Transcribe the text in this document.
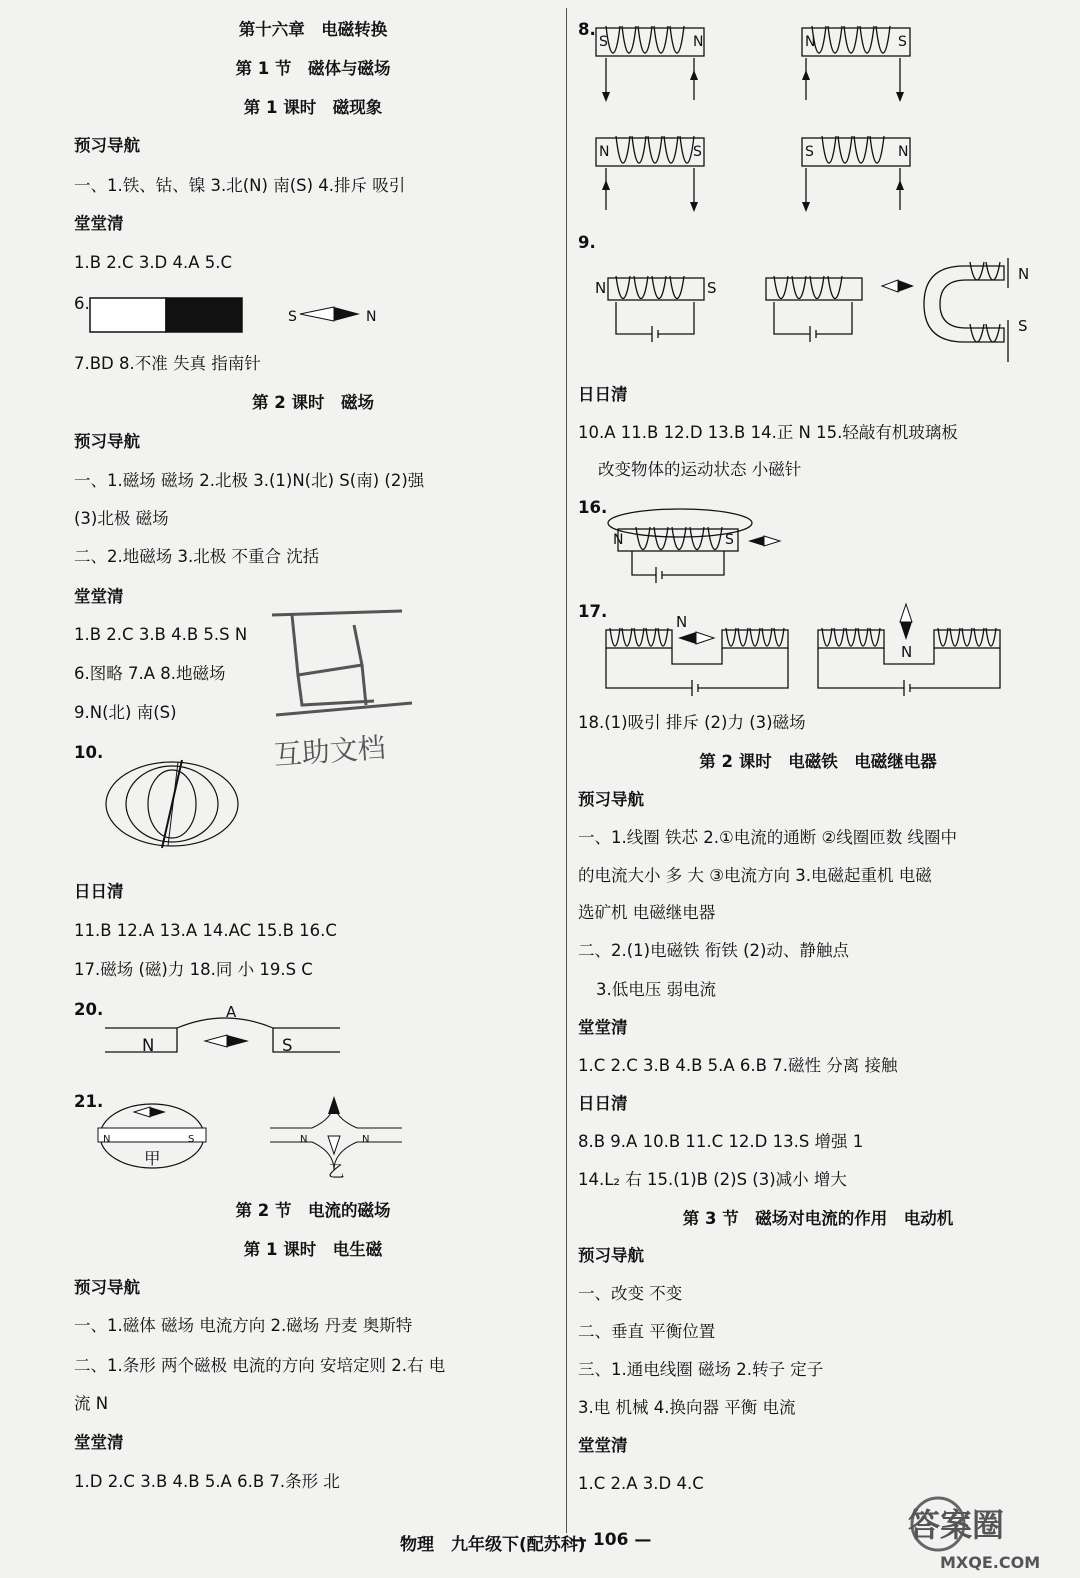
第十六章　电磁转换
第 1 节　磁体与磁场
第 1 课时　磁现象
预习导航
一、1.铁、钴、镍 3.北(N) 南(S) 4.排斥 吸引
堂堂清
1.B 2.C 3.D 4.A 5.C
6.
S	N
7.BD 8.不准 失真 指南针
第 2 课时　磁场
预习导航
一、1.磁场 磁场 2.北极 3.(1)N(北) S(南) (2)强
(3)北极 磁场
二、2.地磁场 3.北极 不重合 沈括
堂堂清
1.B 2.C 3.B 4.B 5.S N
6.图略 7.A 8.地磁场
9.N(北) 南(S)
10.
日日清
11.B 12.A 13.A 14.AC 15.B 16.C
17.磁场 (磁)力 18.同 小 19.S C
20.	A
N	S
21.
N	S	N	N
甲
乙
第 2 节　电流的磁场
第 1 课时　电生磁
预习导航
一、1.磁体 磁场 电流方向 2.磁场 丹麦 奥斯特
二、1.条形 两个磁极 电流的方向 安培定则 2.右 电
流 N
堂堂清
1.D 2.C 3.B 4.B 5.A 6.B 7.条形 北
互助文档
8.
S	N	N	S
N	S	S	N
9.
N	S
N
S
日日清
10.A 11.B 12.D 13.B 14.正 N 15.轻敲有机玻璃板
改变物体的运动状态 小磁针
16.
N	S
17.
N
N
18.(1)吸引 排斥 (2)力 (3)磁场
第 2 课时　电磁铁　电磁继电器
预习导航
一、1.线圈 铁芯 2.①电流的通断 ②线圈匝数 线圈中
的电流大小 多 大 ③电流方向 3.电磁起重机 电磁
选矿机 电磁继电器
二、2.(1)电磁铁 衔铁 (2)动、静触点
3.低电压 弱电流
堂堂清
1.C 2.C 3.B 4.B 5.A 6.B 7.磁性 分离 接触
日日清
8.B 9.A 10.B 11.C 12.D 13.S 增强 1
14.L₂ 右 15.(1)B (2)S (3)减小 增大
第 3 节　磁场对电流的作用　电动机
预习导航
一、改变 不变
二、垂直 平衡位置
三、1.通电线圈 磁场 2.转子 定子
3.电 机械 4.换向器 平衡 电流
堂堂清
1.C 2.A 3.D 4.C
物理　九年级下(配苏科)
— 106 —	答案圈
MXQE.COM
